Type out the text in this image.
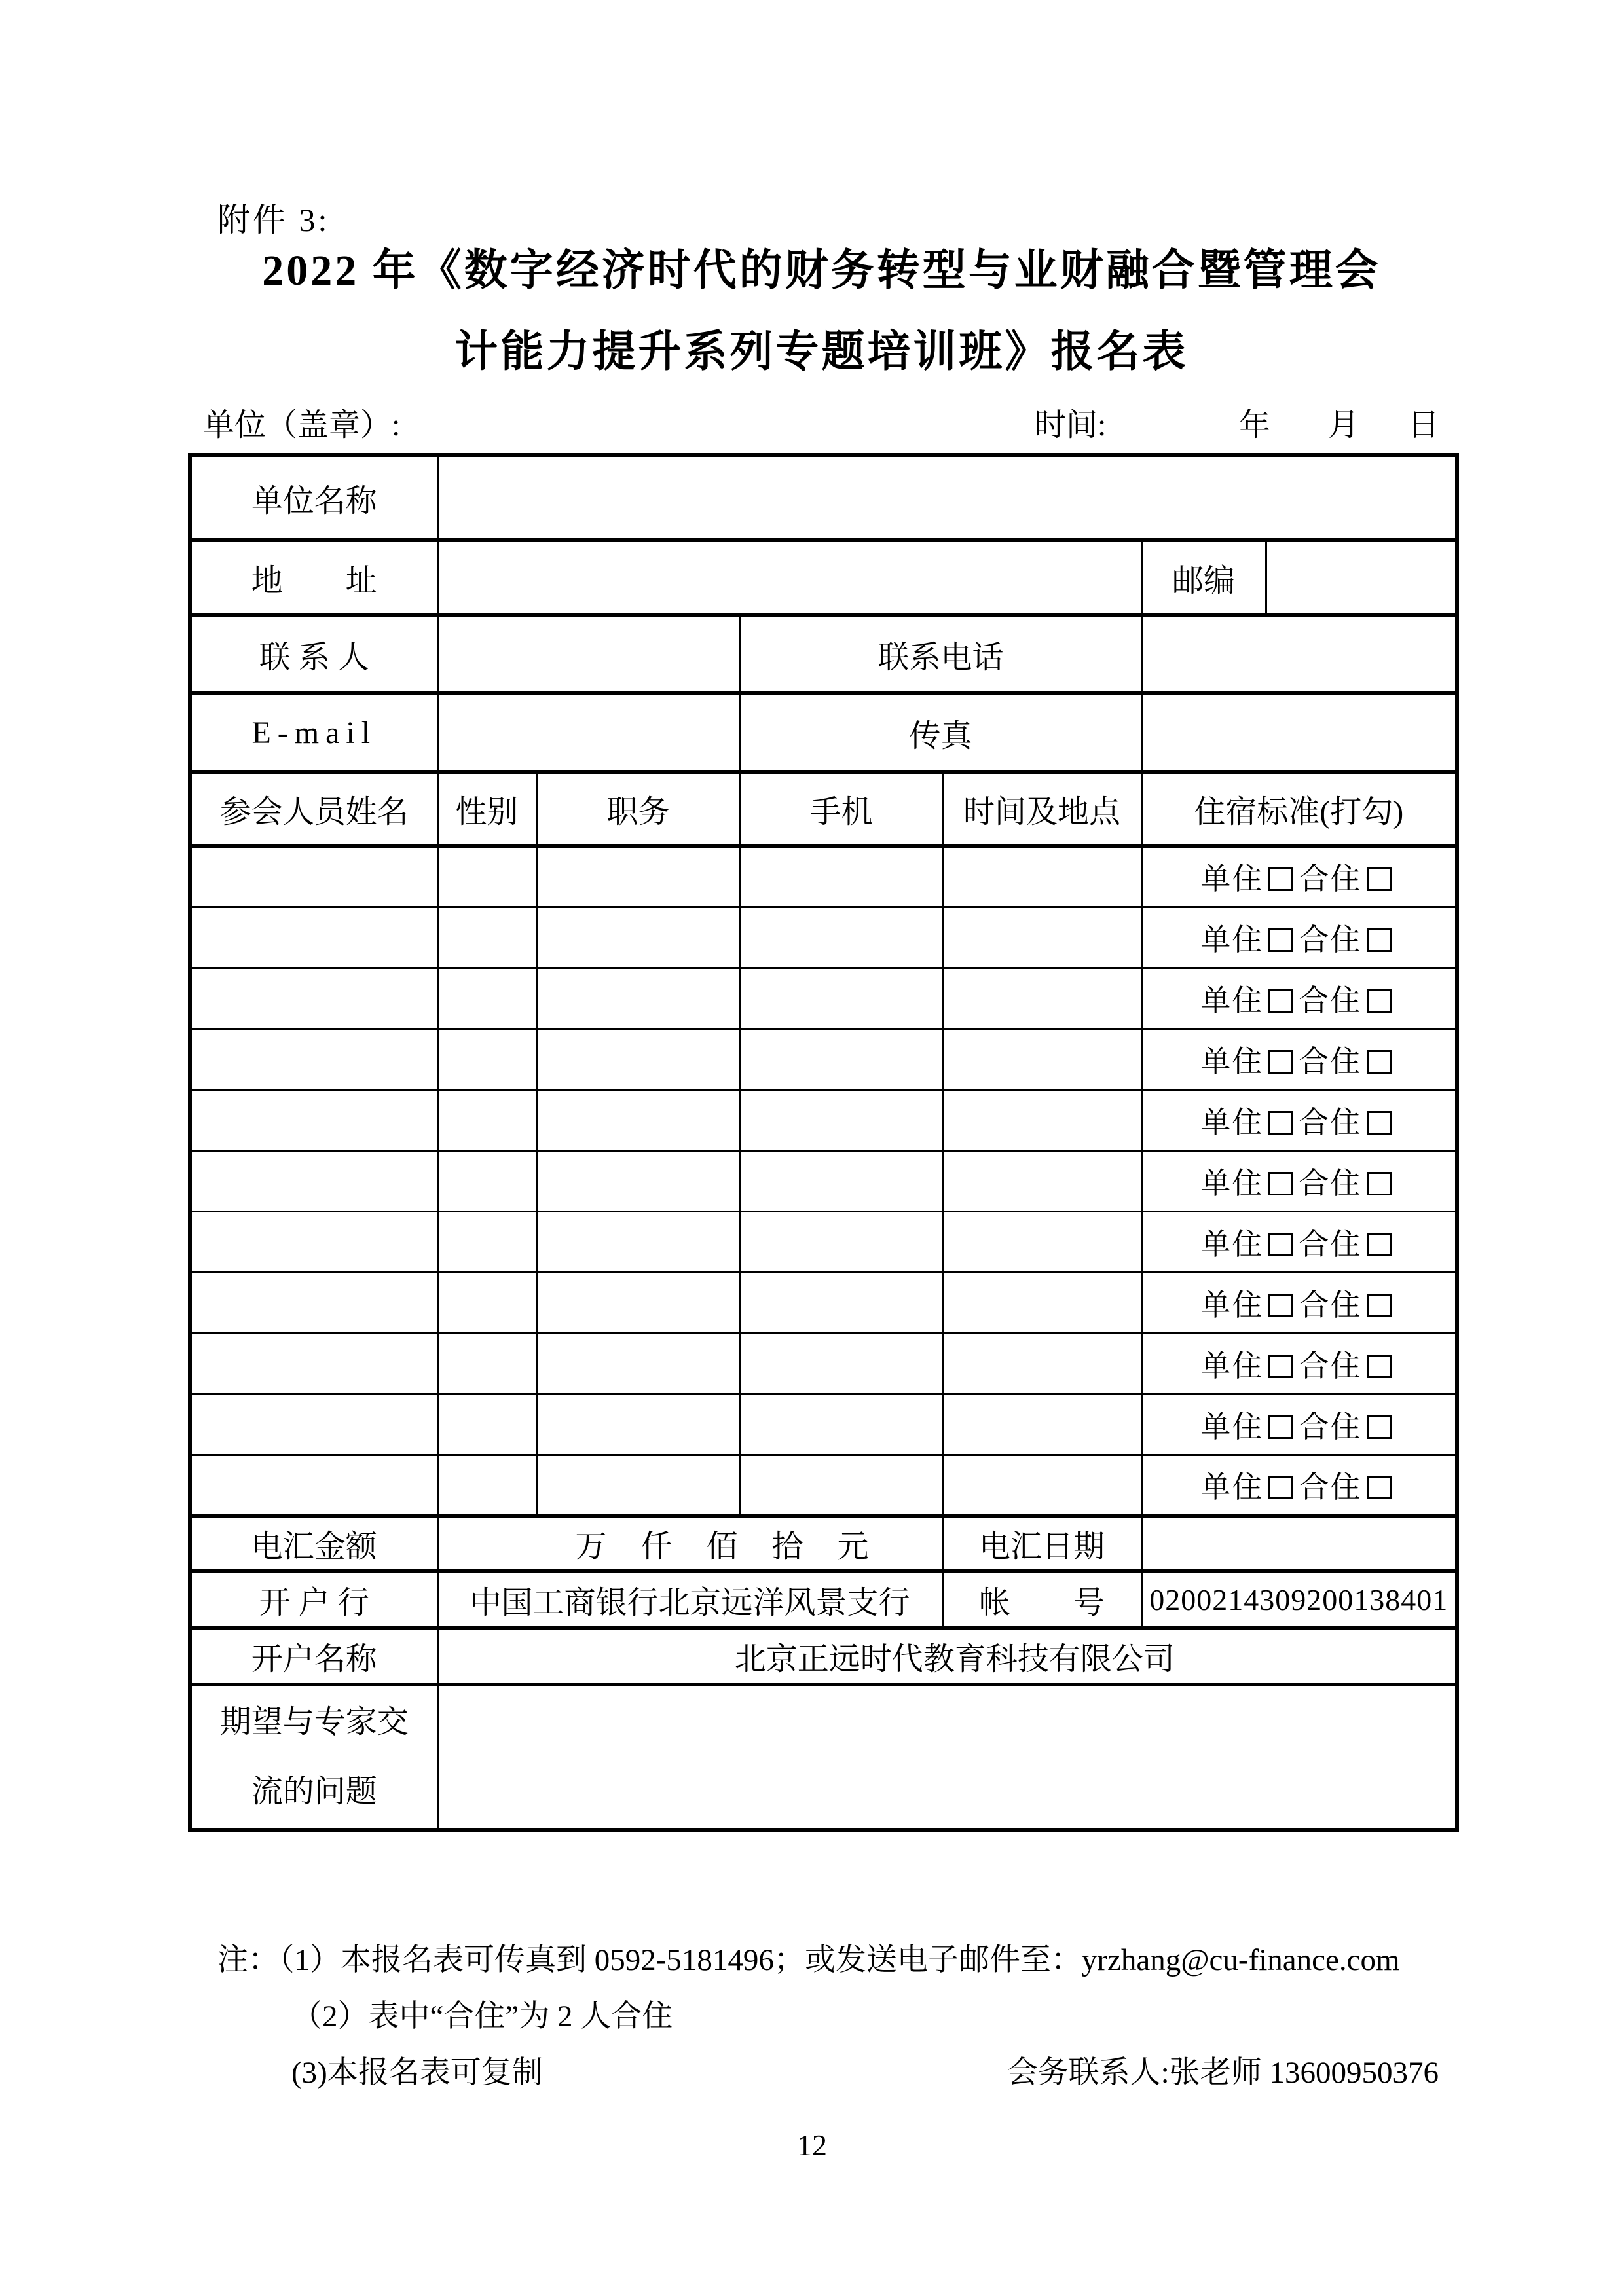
附件 3:
2022 年《数字经济时代的财务转型与业财融合暨管理会
计能力提升系列专题培训班》报名表
单位（盖章）:	时间:	年 月 日
单位名称						
地　　址					邮编	
联 系 人			联系电话			
E-mail			传真			
参会人员姓名	性别	职务	手机	时间及地点	住宿标准(打勾)	
					单住 合住	
					单住 合住	
					单住 合住	
					单住 合住	
					单住 合住	
					单住 合住	
					单住 合住	
					单住 合住	
					单住 合住	
					单住 合住	
					单住 合住	
电汇金额	万　仟　佰　拾　元			电汇日期		
开 户 行	中国工商银行北京远洋风景支行			帐　　号	0200214309200138401	
开户名称	北京正远时代教育科技有限公司					

期望与专家交
流的问题						

注：（1）本报名表可传真到 0592-5181496；或发送电子邮件至：yrzhang@cu-finance.com
（2）表中“合住”为 2 人合住
(3)本报名表可复制	会务联系人:张老师 13600950376
12
